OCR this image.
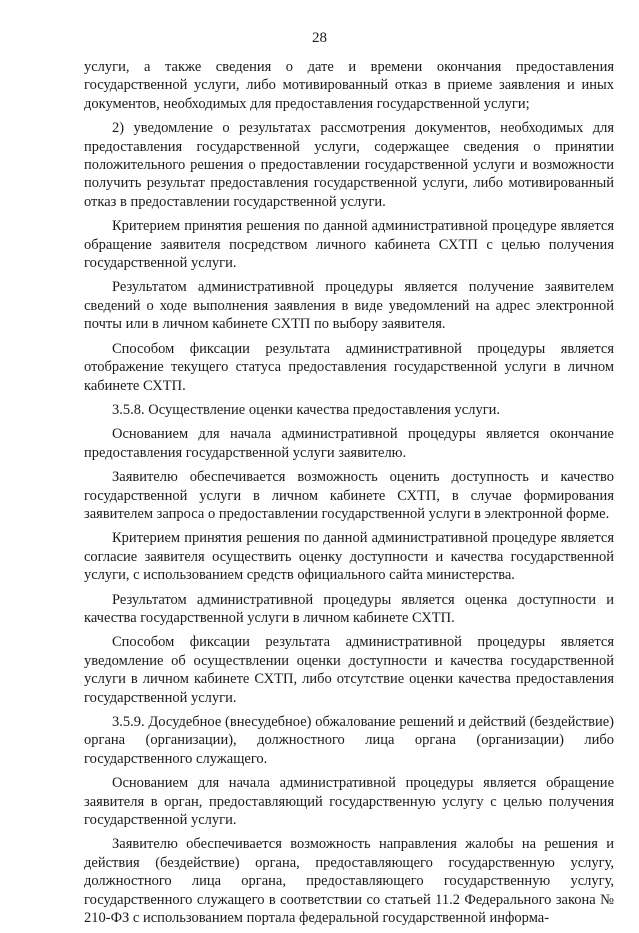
28

услуги, а также сведения о дате и времени окончания предоставления государственной услуги, либо мотивированный отказ в приеме заявления и иных документов, необходимых для предоставления государственной услуги;

2) уведомление о результатах рассмотрения документов, необходимых для предоставления государственной услуги, содержащее сведения о принятии положительного решения о предоставлении государственной услуги и возможности получить результат предоставления государственной услуги, либо мотивированный отказ в предоставлении государственной услуги.

Критерием принятия решения по данной административной процедуре является обращение заявителя посредством личного кабинета СХТП с целью получения государственной услуги.

Результатом административной процедуры является получение заявителем сведений о ходе выполнения заявления в виде уведомлений на адрес электронной почты или в личном кабинете СХТП по выбору заявителя.

Способом фиксации результата административной процедуры является отображение текущего статуса предоставления государственной услуги в личном кабинете СХТП.

3.5.8. Осуществление оценки качества предоставления услуги.

Основанием для начала административной процедуры является окончание предоставления государственной услуги заявителю.

Заявителю обеспечивается возможность оценить доступность и качество государственной услуги в личном кабинете СХТП, в случае формирования заявителем запроса о предоставлении государственной услуги в электронной форме.

Критерием принятия решения по данной административной процедуре является согласие заявителя осуществить оценку доступности и качества государственной услуги, с использованием средств официального сайта министерства.

Результатом административной процедуры является оценка доступности и качества государственной услуги в личном кабинете СХТП.

Способом фиксации результата административной процедуры является уведомление об осуществлении оценки доступности и качества государственной услуги в личном кабинете СХТП, либо отсутствие оценки качества предоставления государственной услуги.

3.5.9. Досудебное (внесудебное) обжалование решений и действий (бездействие) органа (организации), должностного лица органа (организации) либо государственного служащего.

Основанием для начала административной процедуры является обращение заявителя в орган, предоставляющий государственную услугу с целью получения государственной услуги.

Заявителю обеспечивается возможность направления жалобы на решения и действия (бездействие) органа, предоставляющего государственную услугу, должностного лица органа, предоставляющего государственную услугу, государственного служащего в соответствии со статьей 11.2 Федерального закона № 210-ФЗ с использованием портала федеральной государственной информа-
